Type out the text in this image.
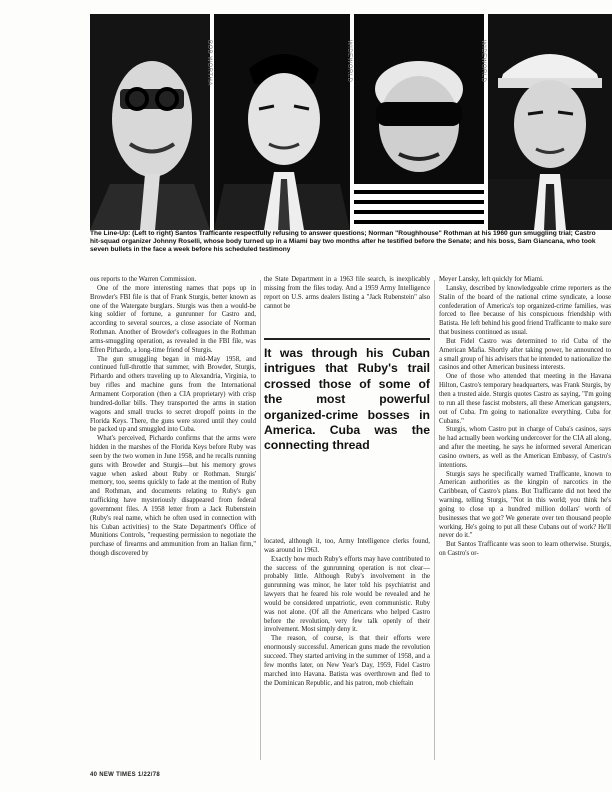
BOB WORTHA	WIDEWORLD	WIDEWORLD
The Line-Up: (Left to right) Santos Trafficante respectfully refusing to answer questions; Norman "Roughhouse" Rothman at his 1960 gun smuggling trial; Castro hit-squad organizer Johnny Roselli, whose body turned up in a Miami bay two months after he testified before the Senate; and his boss, Sam Giancana, who took seven bullets in the face a week before his scheduled testimony

ous reports to the Warren Commission.

One of the more interesting names that pops up in Browder's FBI file is that of Frank Sturgis, better known as one of the Watergate burglars. Sturgis was then a would-be king soldier of fortune, a gunrunner for Castro and, according to several sources, a close associate of Norman Rothman. Another of Browder's colleagues in the Rothman arms-smuggling operation, as revealed in the FBI file, was Efren Pirhardo, a long-time friend of Sturgis.

The gun smuggling began in mid-May 1958, and continued full-throttle that summer, with Browder, Sturgis, Pirhardo and others traveling up to Alexandria, Virginia, to buy rifles and machine guns from the International Armament Corporation (then a CIA proprietary) with crisp hundred-dollar bills. They transported the arms in station wagons and small trucks to secret dropoff points in the Florida Keys. There, the guns were stored until they could be packed up and smuggled into Cuba.

What's perceived, Pichardo confirms that the arms were hidden in the marshes of the Florida Keys before Ruby was seen by the two women in June 1958, and he recalls running guns with Browder and Sturgis—but his memory grows vague when asked about Ruby or Rothman. Sturgis' memory, too, seems quickly to fade at the mention of Ruby and Rothman, and documents relating to Ruby's gun trafficking have mysteriously disappeared from federal government files. A 1958 letter from a Jack Rubenstein (Ruby's real name, which he often used in connection with his Cuban activities) to the State Department's Office of Munitions Controls, "requesting permission to negotiate the purchase of firearms and ammunition from an Italian firm," though discovered by

the State Department in a 1963 file search, is inexplicably missing from the files today. And a 1959 Army Intelligence report on U.S. arms dealers listing a "Jack Rubenstein" also cannot be

It was through his Cuban intrigues that Ruby's trail crossed those of some of the most powerful organized-crime bosses in America. Cuba was the connecting thread

located, although it, too, Army Intelligence clerks found, was around in 1963.

Exactly how much Ruby's efforts may have contributed to the success of the gunrunning operation is not clear—probably little. Although Ruby's involvement in the gunrunning was minor, he later told his psychiatrist and lawyers that he feared his role would be revealed and he would be considered unpatriotic, even communistic. Ruby was not alone. (Of all the Americans who helped Castro before the revolution, very few talk openly of their involvement. Most simply deny it.

The reason, of course, is that their efforts were enormously successful. American guns made the revolution succeed. They started arriving in the summer of 1958, and a few months later, on New Year's Day, 1959, Fidel Castro marched into Havana. Batista was overthrown and fled to the Dominican Republic, and his patron, mob chieftain

Meyer Lansky, left quickly for Miami.

Lansky, described by knowledgeable crime reporters as the Stalin of the board of the national crime syndicate, a loose confederation of America's top organized-crime families, was forced to flee because of his conspicuous friendship with Batista. He left behind his good friend Trafficante to make sure that business continued as usual.

But Fidel Castro was determined to rid Cuba of the American Mafia. Shortly after taking power, he announced to a small group of his advisers that he intended to nationalize the casinos and other American business interests.

One of those who attended that meeting in the Havana Hilton, Castro's temporary headquarters, was Frank Sturgis, by then a trusted aide. Sturgis quotes Castro as saying, "I'm going to run all these fascist mobsters, all these American gangsters, out of Cuba. I'm going to nationalize everything. Cuba for Cubans."

Sturgis, whom Castro put in charge of Cuba's casinos, says he had actually been working undercover for the CIA all along, and after the meeting, he says he informed several American casino owners, as well as the American Embassy, of Castro's intentions.

Sturgis says he specifically warned Trafficante, known to American authorities as the kingpin of narcotics in the Caribbean, of Castro's plans. But Trafficante did not heed the warning, telling Sturgis, "Not in this world; you think he's going to close up a hundred million dollars' worth of businesses that we got? We generate over ten thousand people working. He's going to put all these Cubans out of work? He'll never do it."

But Santos Trafficante was soon to learn otherwise. Sturgis, on Castro's or-

40 NEW TIMES 1/22/78
